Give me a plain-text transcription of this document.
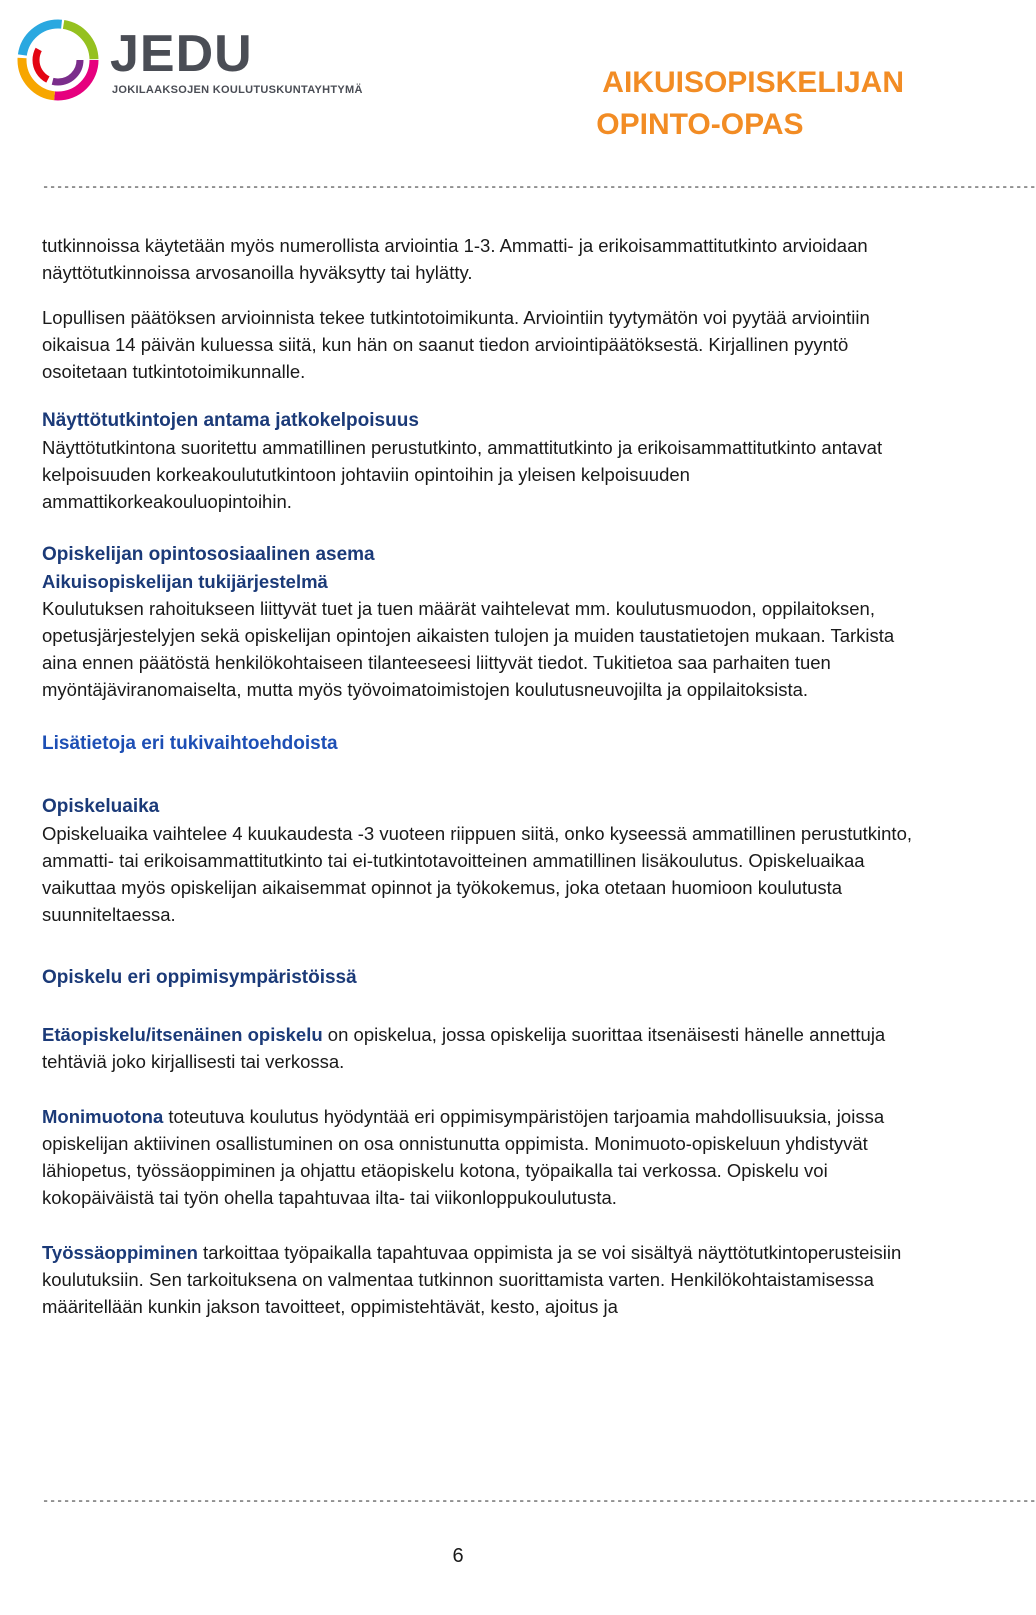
JEDU
JOKILAAKSOJEN KOULUTUSKUNTAYHTYMÄ	AIKUISOPISKELIJAN
OPINTO-OPAS
----------------------------------------------------------------------------------------------------------------------------------------------

tutkinnoissa käytetään myös numerollista arviointia 1-3. Ammatti- ja erikoisammattitutkinto arvioidaan näyttötutkinnoissa arvosanoilla hyväksytty tai hylätty.

Lopullisen päätöksen arvioinnista tekee tutkintotoimikunta. Arviointiin tyytymätön voi pyytää arviointiin oikaisua 14 päivän kuluessa siitä, kun hän on saanut tiedon arviointipäätöksestä. Kirjallinen pyyntö osoitetaan tutkintotoimikunnalle.

Näyttötutkintojen antama jatkokelpoisuus

Näyttötutkintona suoritettu ammatillinen perustutkinto, ammattitutkinto ja erikoisammattitutkinto antavat kelpoisuuden korkeakoulututkintoon johtaviin opintoihin ja yleisen kelpoisuuden ammattikorkeakouluopintoihin.

Opiskelijan opintososiaalinen asema

Aikuisopiskelijan tukijärjestelmä

Koulutuksen rahoitukseen liittyvät tuet ja tuen määrät vaihtelevat mm. koulutusmuodon, oppilaitoksen, opetusjärjestelyjen sekä opiskelijan opintojen aikaisten tulojen ja muiden taustatietojen mukaan. Tarkista aina ennen päätöstä henkilökohtaiseen tilanteeseesi liittyvät tiedot. Tukitietoa saa parhaiten tuen myöntäjäviranomaiselta, mutta myös työvoimatoimistojen koulutusneuvojilta ja oppilaitoksista.

Lisätietoja eri tukivaihtoehdoista

Opiskeluaika

Opiskeluaika vaihtelee 4 kuukaudesta -3 vuoteen riippuen siitä, onko kyseessä ammatillinen perustutkinto, ammatti- tai erikoisammattitutkinto tai ei-tutkintotavoitteinen ammatillinen lisäkoulutus. Opiskeluaikaa vaikuttaa myös opiskelijan aikaisemmat opinnot ja työkokemus, joka otetaan huomioon koulutusta suunniteltaessa.

Opiskelu eri oppimisympäristöissä

Etäopiskelu/itsenäinen opiskelu on opiskelua, jossa opiskelija suorittaa itsenäisesti hänelle annettuja tehtäviä joko kirjallisesti tai verkossa.

Monimuotona toteutuva koulutus hyödyntää eri oppimisympäristöjen tarjoamia mahdollisuuksia, joissa opiskelijan aktiivinen osallistuminen on osa onnistunutta oppimista. Monimuoto-opiskeluun yhdistyvät lähiopetus, työssäoppiminen ja ohjattu etäopiskelu kotona, työpaikalla tai verkossa. Opiskelu voi kokopäiväistä tai työn ohella tapahtuvaa ilta- tai viikonloppukoulutusta.

Työssäoppiminen tarkoittaa työpaikalla tapahtuvaa oppimista ja se voi sisältyä näyttötutkintoperusteisiin koulutuksiin. Sen tarkoituksena on valmentaa tutkinnon suorittamista varten. Henkilökohtaistamisessa määritellään kunkin jakson tavoitteet, oppimistehtävät, kesto, ajoitus ja

----------------------------------------------------------------------------------------------------------------------------------------------
6
